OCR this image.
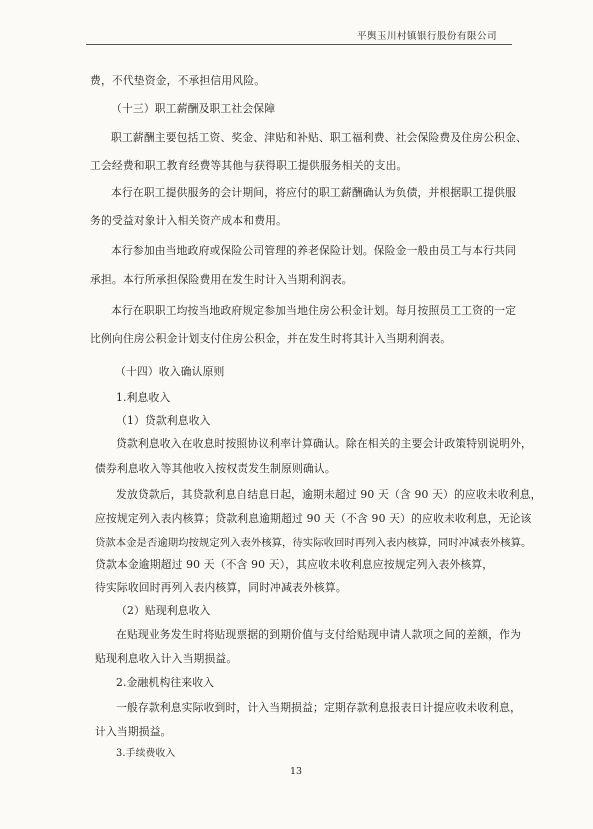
平舆玉川村镇银行股份有限公司
费，不代垫资金，不承担信用风险。
（十三）职工薪酬及职工社会保障
职工薪酬主要包括工资、奖金、津贴和补贴、职工福利费、社会保险费及住房公积金、
工会经费和职工教育经费等其他与获得职工提供服务相关的支出。
本行在职工提供服务的会计期间，将应付的职工薪酬确认为负债，并根据职工提供服
务的受益对象计入相关资产成本和费用。
本行参加由当地政府或保险公司管理的养老保险计划。保险金一般由员工与本行共同
承担。本行所承担保险费用在发生时计入当期利润表。
本行在职职工均按当地政府规定参加当地住房公积金计划。每月按照员工工资的一定
比例向住房公积金计划支付住房公积金，并在发生时将其计入当期利润表。
（十四）收入确认原则
1.利息收入
（1）贷款利息收入
贷款利息收入在收息时按照协议利率计算确认。除在相关的主要会计政策特别说明外，
债券利息收入等其他收入按权责发生制原则确认。
发放贷款后，其贷款利息自结息日起，逾期未超过 90 天（含 90 天）的应收未收利息，
应按规定列入表内核算；贷款利息逾期超过 90 天（不含 90 天）的应收未收利息，无论该
贷款本金是否逾期均按规定列入表外核算，待实际收回时再列入表内核算，同时冲减表外核算。
贷款本金逾期超过 90 天（不含 90 天），其应收未收利息应按规定列入表外核算，
待实际收回时再列入表内核算，同时冲减表外核算。
（2）贴现利息收入
在贴现业务发生时将贴现票据的到期价值与支付给贴现申请人款项之间的差额，作为
贴现利息收入计入当期损益。
2.金融机构往来收入
一般存款利息实际收到时，计入当期损益；定期存款利息报表日计提应收未收利息，
计入当期损益。
3.手续费收入
13
